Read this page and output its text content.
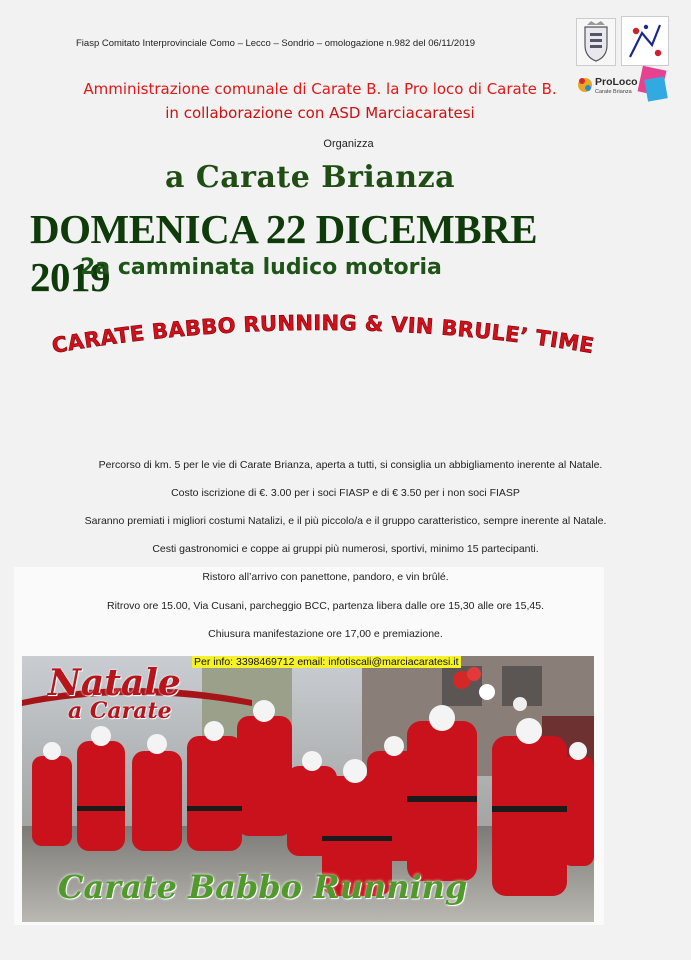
Fiasp Comitato Interprovinciale Como – Lecco – Sondrio – omologazione n.982 del 06/11/2019
ProLoco
Carate Brianza
Amministrazione comunale di Carate B. la Pro loco di Carate B.
in collaborazione con ASD Marciacaratesi
Organizza
a Carate Brianza
DOMENICA 22 DICEMBRE 2019
2a camminata ludico motoria
CARATE BABBO RUNNING & VIN BRULE’ TIME
Percorso di km. 5 per le vie di Carate Brianza, aperta a tutti, si consiglia un abbigliamento inerente al Natale.
Costo iscrizione di €. 3.00 per i soci FIASP e di € 3.50 per i non soci FIASP
Saranno premiati i migliori costumi Natalizi, e il più piccolo/a e il gruppo caratteristico, sempre inerente al Natale.
Cesti gastronomici e coppe ai gruppi più numerosi, sportivi, minimo 15 partecipanti.
Ristoro all’arrivo con panettone, pandoro, e vin brûlé.
Ritrovo ore 15.00, Via Cusani, parcheggio BCC, partenza libera dalle ore 15,30 alle ore 15,45.
Chiusura manifestazione ore 17,00 e premiazione.
Per info: 3398469712 email: infotiscali@marciacaratesi.it
Natale
a Carate
Carate Babbo Running
